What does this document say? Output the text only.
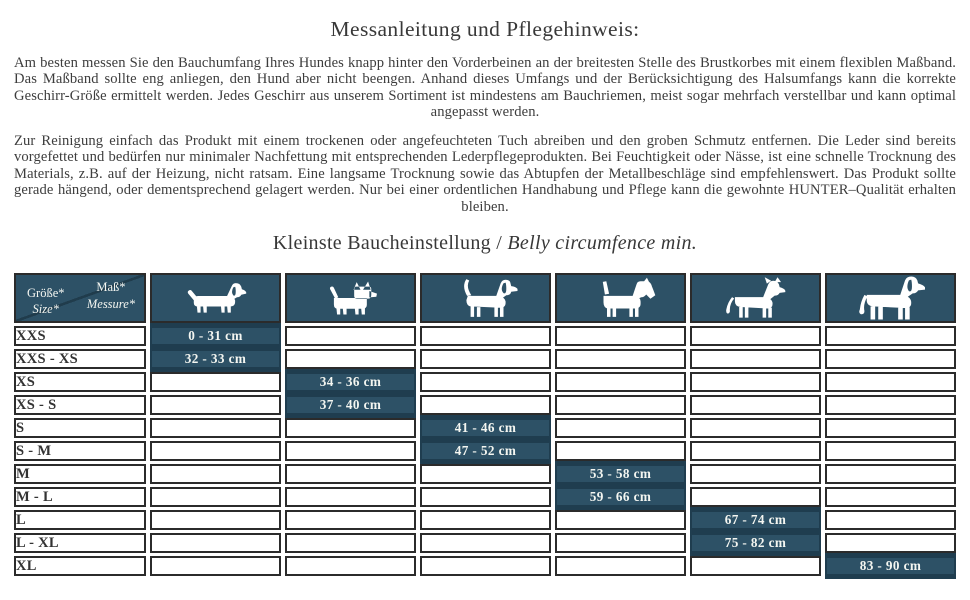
Messanleitung und Pflegehinweis:

Am besten messen Sie den Bauchumfang Ihres Hundes knapp hinter den Vorderbeinen an der breitesten Stelle des Brustkorbes mit einem flexiblen Maßband. Das Maßband sollte eng anliegen, den Hund aber nicht beengen. Anhand dieses Umfangs und der Berücksichtigung des Halsumfangs kann die korrekte Geschirr-Größe ermittelt werden. Jedes Geschirr aus unserem Sortiment ist mindestens am Bauchriemen, meist sogar mehrfach verstellbar und kann optimal angepasst werden.

Zur Reinigung einfach das Produkt mit einem trockenen oder angefeuchteten Tuch abreiben und den groben Schmutz entfernen. Die Leder sind bereits vorgefettet und bedürfen nur minimaler Nachfettung mit entsprechenden Lederpflegeprodukten. Bei Feuchtigkeit oder Nässe, ist eine schnelle Trocknung des Materials, z.B. auf der Heizung, nicht ratsam. Eine langsame Trocknung sowie das Abtupfen der Metallbeschläge sind empfehlenswert. Das Produkt sollte gerade hängend, oder dementsprechend gelagert werden. Nur bei einer ordentlichen Handhabung und Pflege kann die gewohnte HUNTER–Qualität erhalten bleiben.

Kleinste Baucheinstellung / Belly circumfence min.
Maß*
Messure*
Größe*
Size*

XXS	0 - 31 cm					
XXS - XS	32 - 33 cm					
XS		34 - 36 cm				
XS - S		37 - 40 cm				
S			41 - 46 cm			
S - M			47 - 52 cm			
M				53 - 58 cm		
M - L				59 - 66 cm		
L					67 - 74 cm	
L - XL					75 - 82 cm	
XL						83 - 90 cm
